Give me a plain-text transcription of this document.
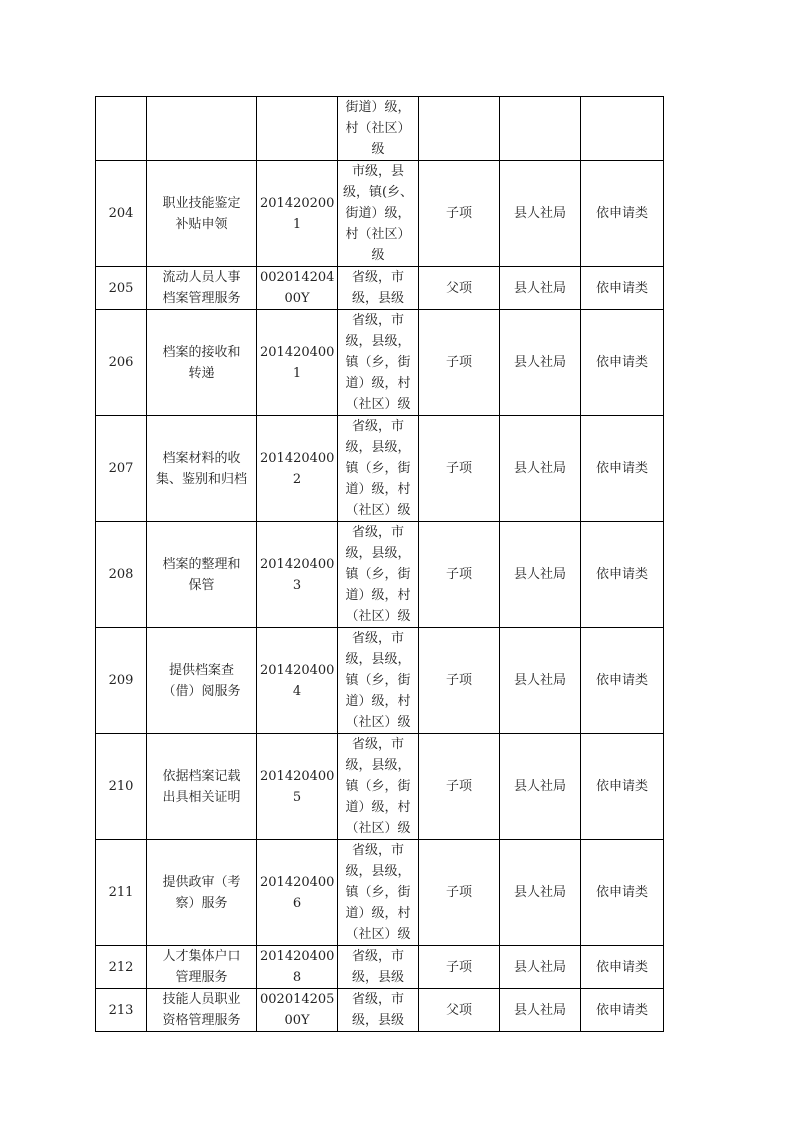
			街道）级，
村（社区）
级			

204	职业技能鉴定
补贴申领	201420200
1	市级，县
级，镇(乡、
街道）级，
村（社区）
级	子项	县人社局	依申请类
205	流动人员人事
档案管理服务	002014204
00Y	省级，市
级，县级	父项	县人社局	依申请类
206	档案的接收和
转递	201420400
1	省级，市
级，县级，
镇（乡，街
道）级，村
（社区）级	子项	县人社局	依申请类
207	档案材料的收
集、鉴别和归档	201420400
2	省级，市
级，县级，
镇（乡，街
道）级，村
（社区）级	子项	县人社局	依申请类
208	档案的整理和
保管	201420400
3	省级，市
级，县级，
镇（乡，街
道）级，村
（社区）级	子项	县人社局	依申请类
209	提供档案查
（借）阅服务	201420400
4	省级，市
级，县级，
镇（乡，街
道）级，村
（社区）级	子项	县人社局	依申请类
210	依据档案记载
出具相关证明	201420400
5	省级，市
级，县级，
镇（乡，街
道）级，村
（社区）级	子项	县人社局	依申请类
211	提供政审（考
察）服务	201420400
6	省级，市
级，县级，
镇（乡，街
道）级，村
（社区）级	子项	县人社局	依申请类
212	人才集体户口
管理服务	201420400
8	省级，市
级，县级	子项	县人社局	依申请类
213	技能人员职业
资格管理服务	002014205
00Y	省级，市
级，县级	父项	县人社局	依申请类
